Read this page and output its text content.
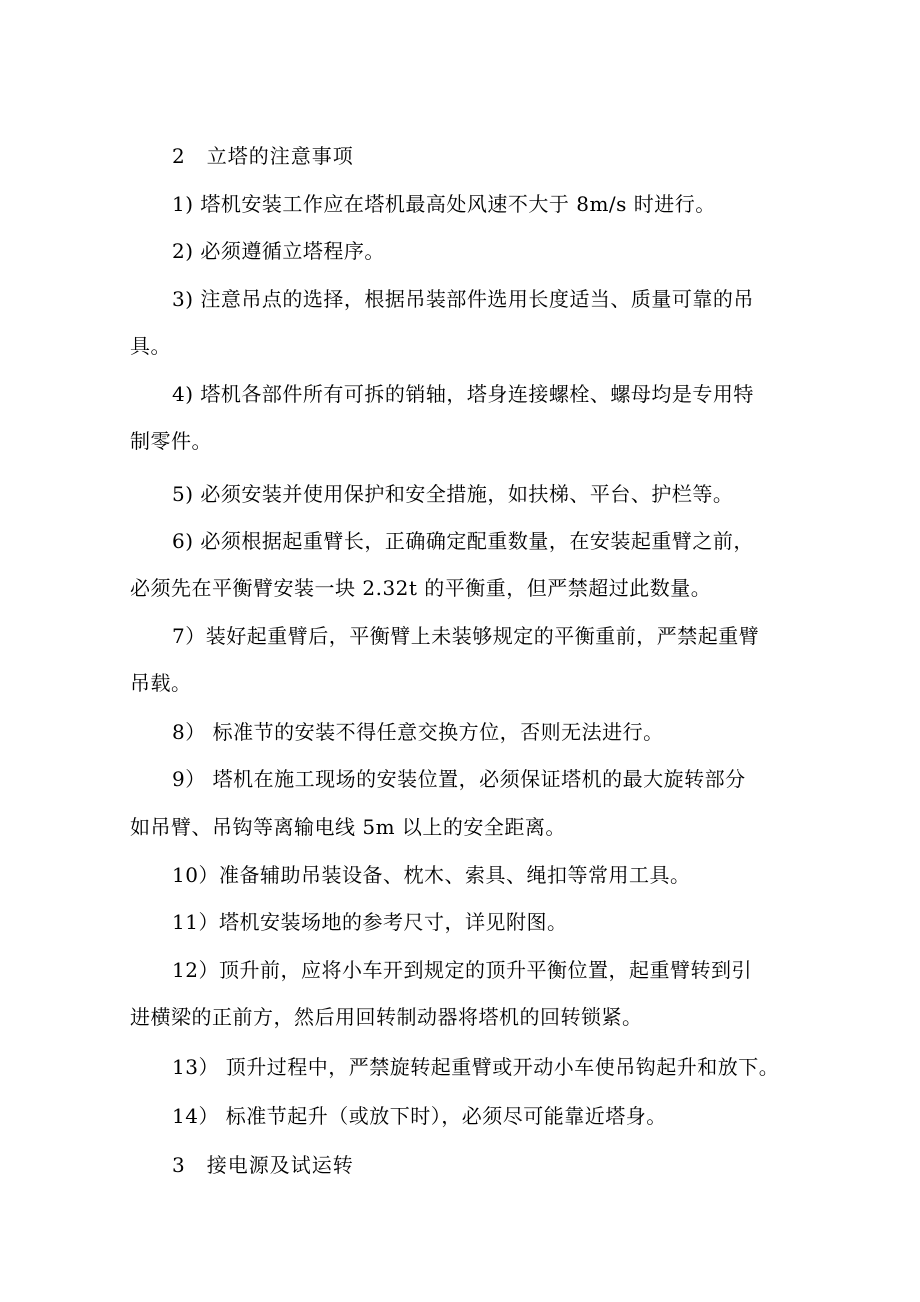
2　立塔的注意事项
1) 塔机安装工作应在塔机最高处风速不大于 8m/s 时进行。
2) 必须遵循立塔程序。
3) 注意吊点的选择，根据吊装部件选用长度适当、质量可靠的吊
具。
4) 塔机各部件所有可拆的销轴，塔身连接螺栓、螺母均是专用特
制零件。
5) 必须安装并使用保护和安全措施，如扶梯、平台、护栏等。
6) 必须根据起重臂长，正确确定配重数量，在安装起重臂之前，
必须先在平衡臂安装一块 2.32t 的平衡重，但严禁超过此数量。
7）装好起重臂后，平衡臂上未装够规定的平衡重前，严禁起重臂
吊载。
8） 标准节的安装不得任意交换方位，否则无法进行。
9） 塔机在施工现场的安装位置，必须保证塔机的最大旋转部分
如吊臂、吊钩等离输电线 5m 以上的安全距离。
10）准备辅助吊装设备、枕木、索具、绳扣等常用工具。
11）塔机安装场地的参考尺寸，详见附图。
12）顶升前，应将小车开到规定的顶升平衡位置，起重臂转到引
进横梁的正前方，然后用回转制动器将塔机的回转锁紧。
13） 顶升过程中，严禁旋转起重臂或开动小车使吊钩起升和放下。
14） 标准节起升（或放下时），必须尽可能靠近塔身。
3　接电源及试运转
